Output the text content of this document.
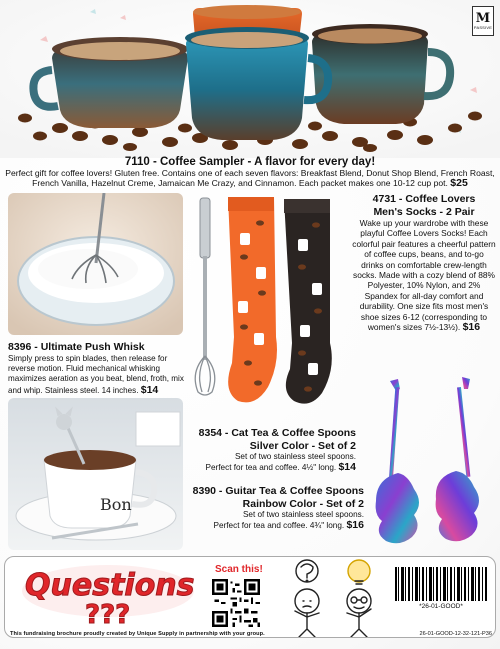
M
PASSIVE
7110 - Coffee Sampler - A flavor for every day!
Perfect gift for coffee lovers! Gluten free. Contains one of each seven flavors: Breakfast Blend, Donut Shop Blend, French Roast,
French Vanilla, Hazelnut Creme, Jamaican Me Crazy, and Cinnamon. Each packet makes one 10-12 cup pot. $25
8396 - Ultimate Push Whisk
Simply press to spin blades, then release for reverse motion. Fluid mechanical whisking maximizes aeration as you beat, blend, froth, mix and whip. Stainless steel. 14 inches. $14
4731 - Coffee Lovers
Men's Socks - 2 Pair
Wake up your wardrobe with these playful Coffee Lovers Socks! Each colorful pair features a cheerful pattern of coffee cups, beans, and to-go drinks on comfortable crew-length socks. Made with a cozy blend of 88% Polyester, 10% Nylon, and 2% Spandex for all-day comfort and durability. One size fits most men's shoe sizes 6-12 (corresponding to women's sizes 7½-13½). $16
Bon
8354 - Cat Tea & Coffee Spoons
Silver Color - Set of 2
Set of two stainless steel spoons.
Perfect for tea and coffee. 4½" long. $14
8390 - Guitar Tea & Coffee Spoons
Rainbow Color - Set of 2
Set of two stainless steel spoons.
Perfect for tea and coffee. 4¾" long. $16
Questions
???
Scan this!
*26-01-GOOD*
This fundraising brochure proudly created by Unique Supply in partnership with your group.	26-01-GOOD-12-32-121-P36
